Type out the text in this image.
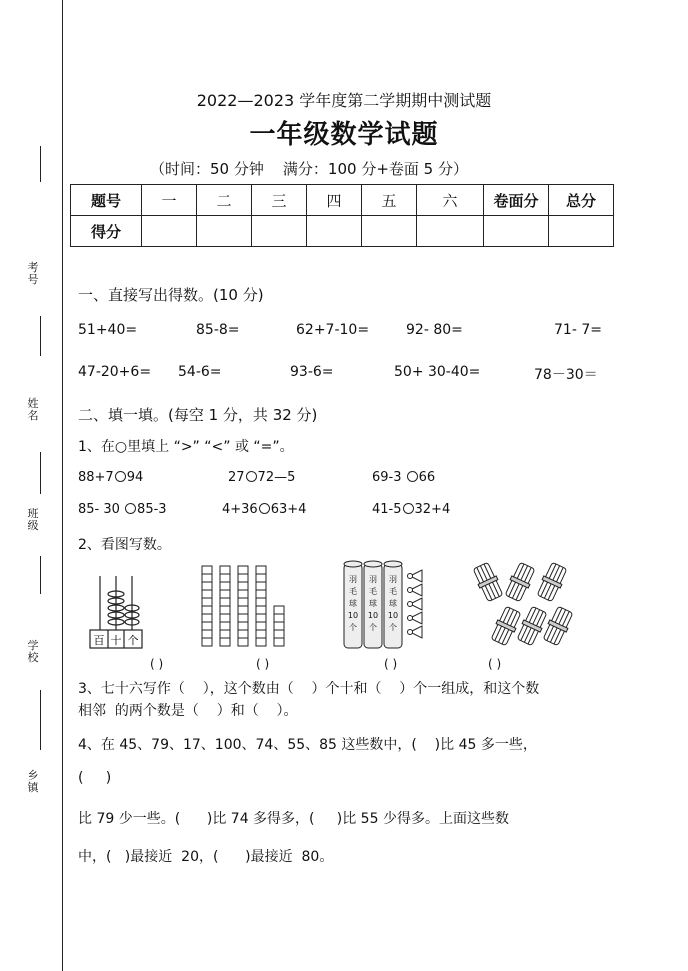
考号
姓名
班级
学校
乡镇
2022—2023 学年度第二学期期中测试题
一年级数学试题
（时间：50 分钟    满分：100 分+卷面 5 分）
题号	一	二	三	四	五	六	卷面分	总分
得分								
一、直接写出得数。(10 分)
51+40=	85-8=	62+7-10=	92- 80=	71- 7=
47-20+6= 54-6=	93-6=	50+ 30-40=	78－30＝
二、填一填。(每空 1 分，共 32 分)
1、在○里填上 “>” “<” 或 “=”。
88+7 94	27 72—5	69-3 66
85- 30 85-3	4+36 63+4	41-5 32+4
2、看图写数。
百 十 个
羽
毛
球
10
个
羽
毛
球
10
个
羽
毛
球
10
个
( )	( )	( )	( )
3、七十六写作（    ），这个数由（    ）个十和（    ）个一组成，和这个数
相邻  的两个数是（    ）和（    ）。
4、在 45、79、17、100、74、55、85 这些数中，(    )比 45 多一些，
(     )
比 79 少一些。(      )比 74 多得多，(     )比 55 少得多。上面这些数
中，(   )最接近  20，(      )最接近  80。
